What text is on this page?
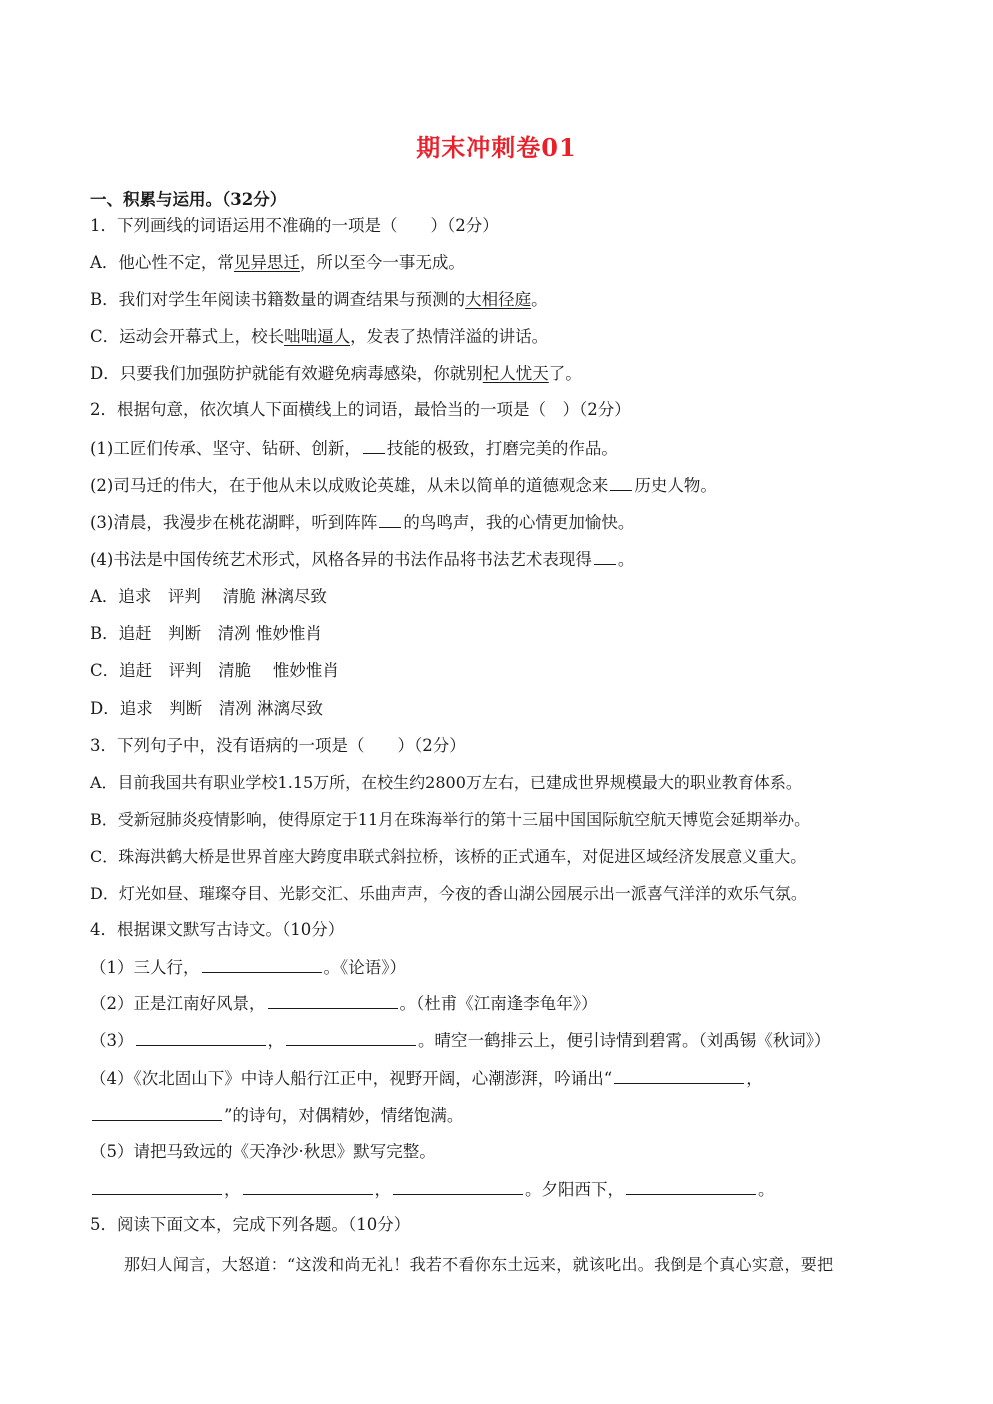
期末冲刺卷01
一、积累与运用。（32分）
1．下列画线的词语运用不准确的一项是（　　）（2分）
A．他心性不定，常见异思迁，所以至今一事无成。
B．我们对学生年阅读书籍数量的调查结果与预测的大相径庭。
C．运动会开幕式上，校长咄咄逼人，发表了热情洋溢的讲话。
D．只要我们加强防护就能有效避免病毒感染，你就别杞人忧天了。
2．根据句意，依次填人下面横线上的词语，最恰当的一项是（　）（2分）
(1)工匠们传承、坚守、钻研、创新， 技能的极致，打磨完美的作品。
(2)司马迁的伟大，在于他从未以成败论英雄，从未以简单的道德观念来 历史人物。
(3)清晨，我漫步在桃花湖畔，听到阵阵 的鸟鸣声，我的心情更加愉快。
(4)书法是中国传统艺术形式，风格各异的书法作品将书法艺术表现得 。
A．追求　评判　 清脆 淋漓尽致
B．追赶　判断　清冽 惟妙惟肖
C．追赶　评判　清脆　 惟妙惟肖
D．追求　判断　清冽 淋漓尽致
3．下列句子中，没有语病的一项是（　　）（2分）
A．目前我国共有职业学校1.15万所，在校生约2800万左右，已建成世界规模最大的职业教育体系。
B．受新冠肺炎疫情影响，使得原定于11月在珠海举行的第十三届中国国际航空航天博览会延期举办。
C．珠海洪鹤大桥是世界首座大跨度串联式斜拉桥，该桥的正式通车，对促进区域经济发展意义重大。
D．灯光如昼、璀璨夺目、光影交汇、乐曲声声，今夜的香山湖公园展示出一派喜气洋洋的欢乐气氛。
4．根据课文默写古诗文。（10分）
（1）三人行，	。《论语》）
（2）正是江南好风景，	。（杜甫《江南逢李龟年》）
（3）	，	。晴空一鹤排云上，便引诗情到碧霄。（刘禹锡《秋词》）
（4）《次北固山下》中诗人船行江正中，视野开阔，心潮澎湃，吟诵出“	，
”的诗句，对偶精妙，情绪饱满。
（5）请把马致远的《天净沙·秋思》默写完整。
，	，	。夕阳西下，	。
5．阅读下面文本，完成下列各题。（10分）
那妇人闻言，大怒道：“这泼和尚无礼！我若不看你东土远来，就该叱出。我倒是个真心实意，要把
